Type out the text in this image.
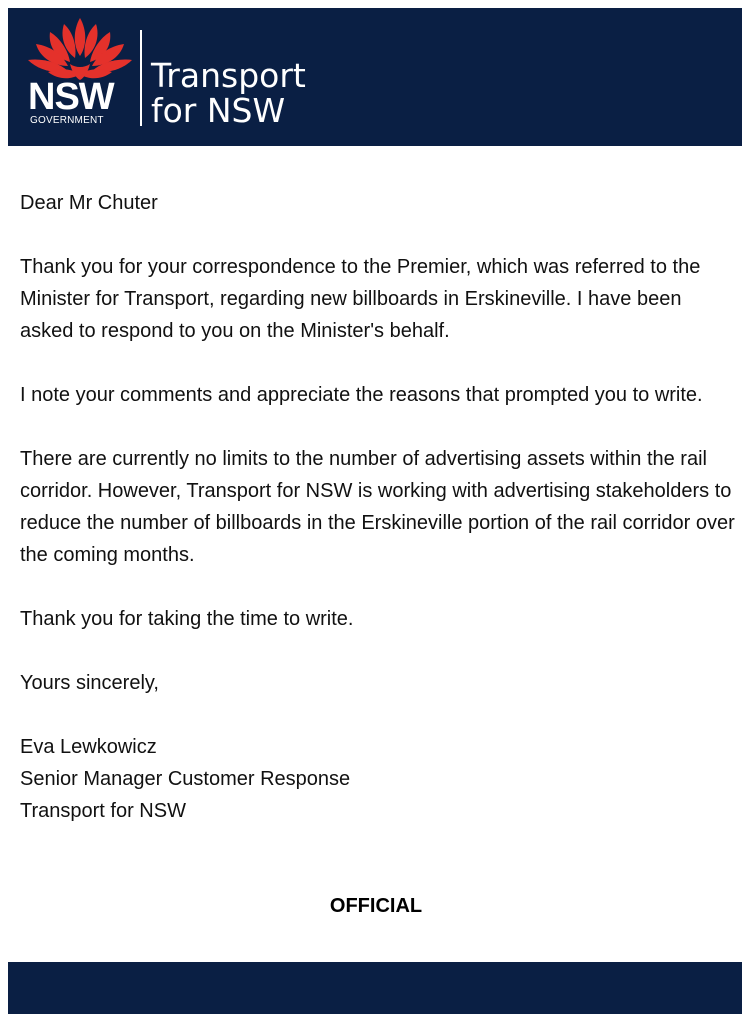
NSW
GOVERNMENT
Transport
for NSW

Dear Mr Chuter

Thank you for your correspondence to the Premier, which was referred to the Minister for Transport, regarding new billboards in Erskineville. I have been asked to respond to you on the Minister's behalf.

I note your comments and appreciate the reasons that prompted you to write.

There are currently no limits to the number of advertising assets within the rail corridor. However, Transport for NSW is working with advertising stakeholders to reduce the number of billboards in the Erskineville portion of the rail corridor over the coming months.

Thank you for taking the time to write.

Yours sincerely,

Eva Lewkowicz
Senior Manager Customer Response
Transport for NSW

OFFICIAL
